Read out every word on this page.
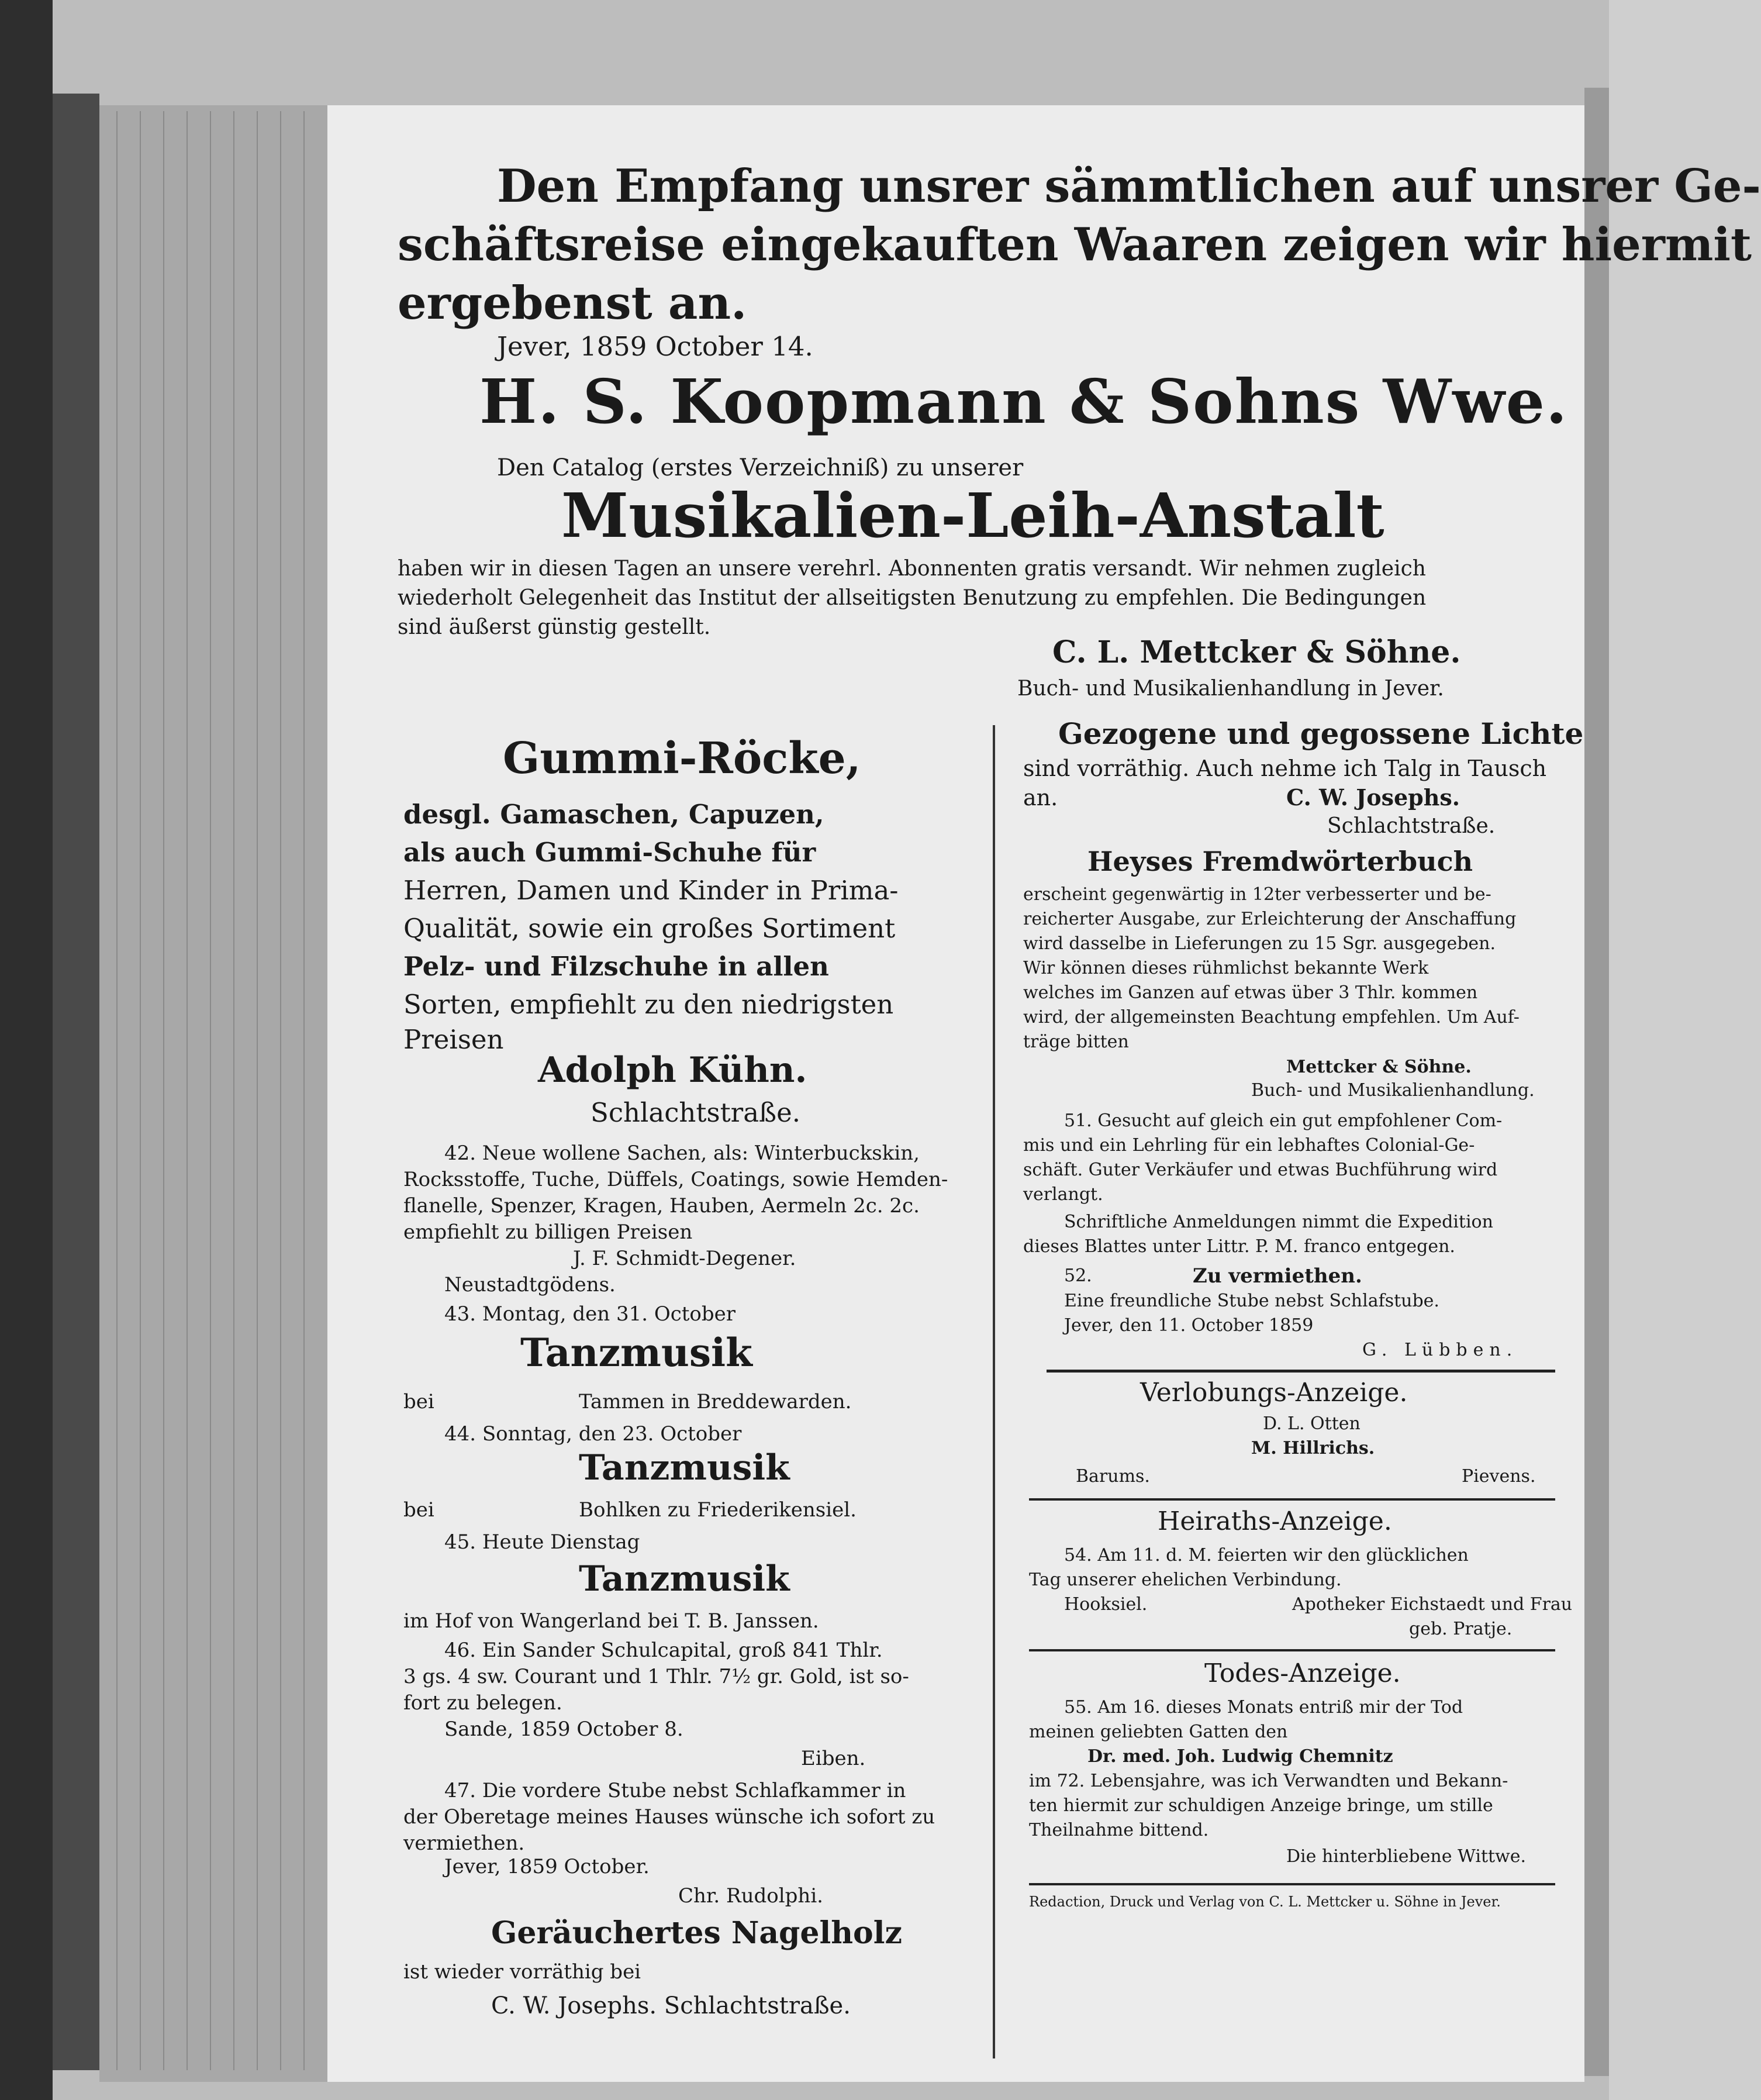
Den Empfang unsrer sämmtlichen auf unsrer Ge-
schäftsreise eingekauften Waaren zeigen wir hiermit
ergebenst an.
Jever, 1859 October 14.
H. S. Koopmann & Sohns Wwe.
Den Catalog (erstes Verzeichniß) zu unserer
Musikalien-Leih-Anstalt
haben wir in diesen Tagen an unsere verehrl. Abonnenten gratis versandt. Wir nehmen zugleich
wiederholt Gelegenheit das Institut der allseitigsten Benutzung zu empfehlen. Die Bedingungen
sind äußerst günstig gestellt.
C. L. Mettcker & Söhne.
Buch- und Musikalienhandlung in Jever.
Gummi-Röcke,
desgl. Gamaschen, Capuzen,
als auch Gummi-Schuhe für
Herren, Damen und Kinder in Prima-
Qualität, sowie ein großes Sortiment
Pelz- und Filzschuhe in allen
Sorten, empfiehlt zu den niedrigsten
Preisen
Adolph Kühn.
Schlachtstraße.
42. Neue wollene Sachen, als: Winterbuckskin,
Rocksstoffe, Tuche, Düffels, Coatings, sowie Hemden-
flanelle, Spenzer, Kragen, Hauben, Aermeln 2c. 2c.
empfiehlt zu billigen Preisen
J. F. Schmidt-Degener.
Neustadtgödens.
43. Montag, den 31. October
Tanzmusik
bei	Tammen in Breddewarden.
44. Sonntag, den 23. October
Tanzmusik
bei	Bohlken zu Friederikensiel.
45. Heute Dienstag
Tanzmusik
im Hof von Wangerland bei T. B. Janssen.
46. Ein Sander Schulcapital, groß 841 Thlr.
3 gs. 4 sw. Courant und 1 Thlr. 7½ gr. Gold, ist so-
fort zu belegen.
Sande, 1859 October 8.
Eiben.
47. Die vordere Stube nebst Schlafkammer in
der Oberetage meines Hauses wünsche ich sofort zu
vermiethen.
Jever, 1859 October.
Chr. Rudolphi.
Geräuchertes Nagelholz
ist wieder vorräthig bei
C. W. Josephs. Schlachtstraße.
Gezogene und gegossene Lichte
sind vorräthig. Auch nehme ich Talg in Tausch
an.	C. W. Josephs.
Schlachtstraße.
Heyses Fremdwörterbuch
erscheint gegenwärtig in 12ter verbesserter und be-
reicherter Ausgabe, zur Erleichterung der Anschaffung
wird dasselbe in Lieferungen zu 15 Sgr. ausgegeben.
Wir können dieses rühmlichst bekannte Werk
welches im Ganzen auf etwas über 3 Thlr. kommen
wird, der allgemeinsten Beachtung empfehlen. Um Auf-
träge bitten
Mettcker & Söhne.
Buch- und Musikalienhandlung.
51. Gesucht auf gleich ein gut empfohlener Com-
mis und ein Lehrling für ein lebhaftes Colonial-Ge-
schäft. Guter Verkäufer und etwas Buchführung wird
verlangt.
Schriftliche Anmeldungen nimmt die Expedition
dieses Blattes unter Littr. P. M. franco entgegen.
52.	Zu vermiethen.
Eine freundliche Stube nebst Schlafstube.
Jever, den 11. October 1859
G. Lübben.
Verlobungs-Anzeige.
D. L. Otten
M. Hillrichs.
Barums.	Pievens.
Heiraths-Anzeige.
54. Am 11. d. M. feierten wir den glücklichen
Tag unserer ehelichen Verbindung.
Hooksiel.	Apotheker Eichstaedt und Frau
geb. Pratje.
Todes-Anzeige.
55. Am 16. dieses Monats entriß mir der Tod
meinen geliebten Gatten den
Dr. med. Joh. Ludwig Chemnitz
im 72. Lebensjahre, was ich Verwandten und Bekann-
ten hiermit zur schuldigen Anzeige bringe, um stille
Theilnahme bittend.
Die hinterbliebene Wittwe.
Redaction, Druck und Verlag von C. L. Mettcker u. Söhne in Jever.
